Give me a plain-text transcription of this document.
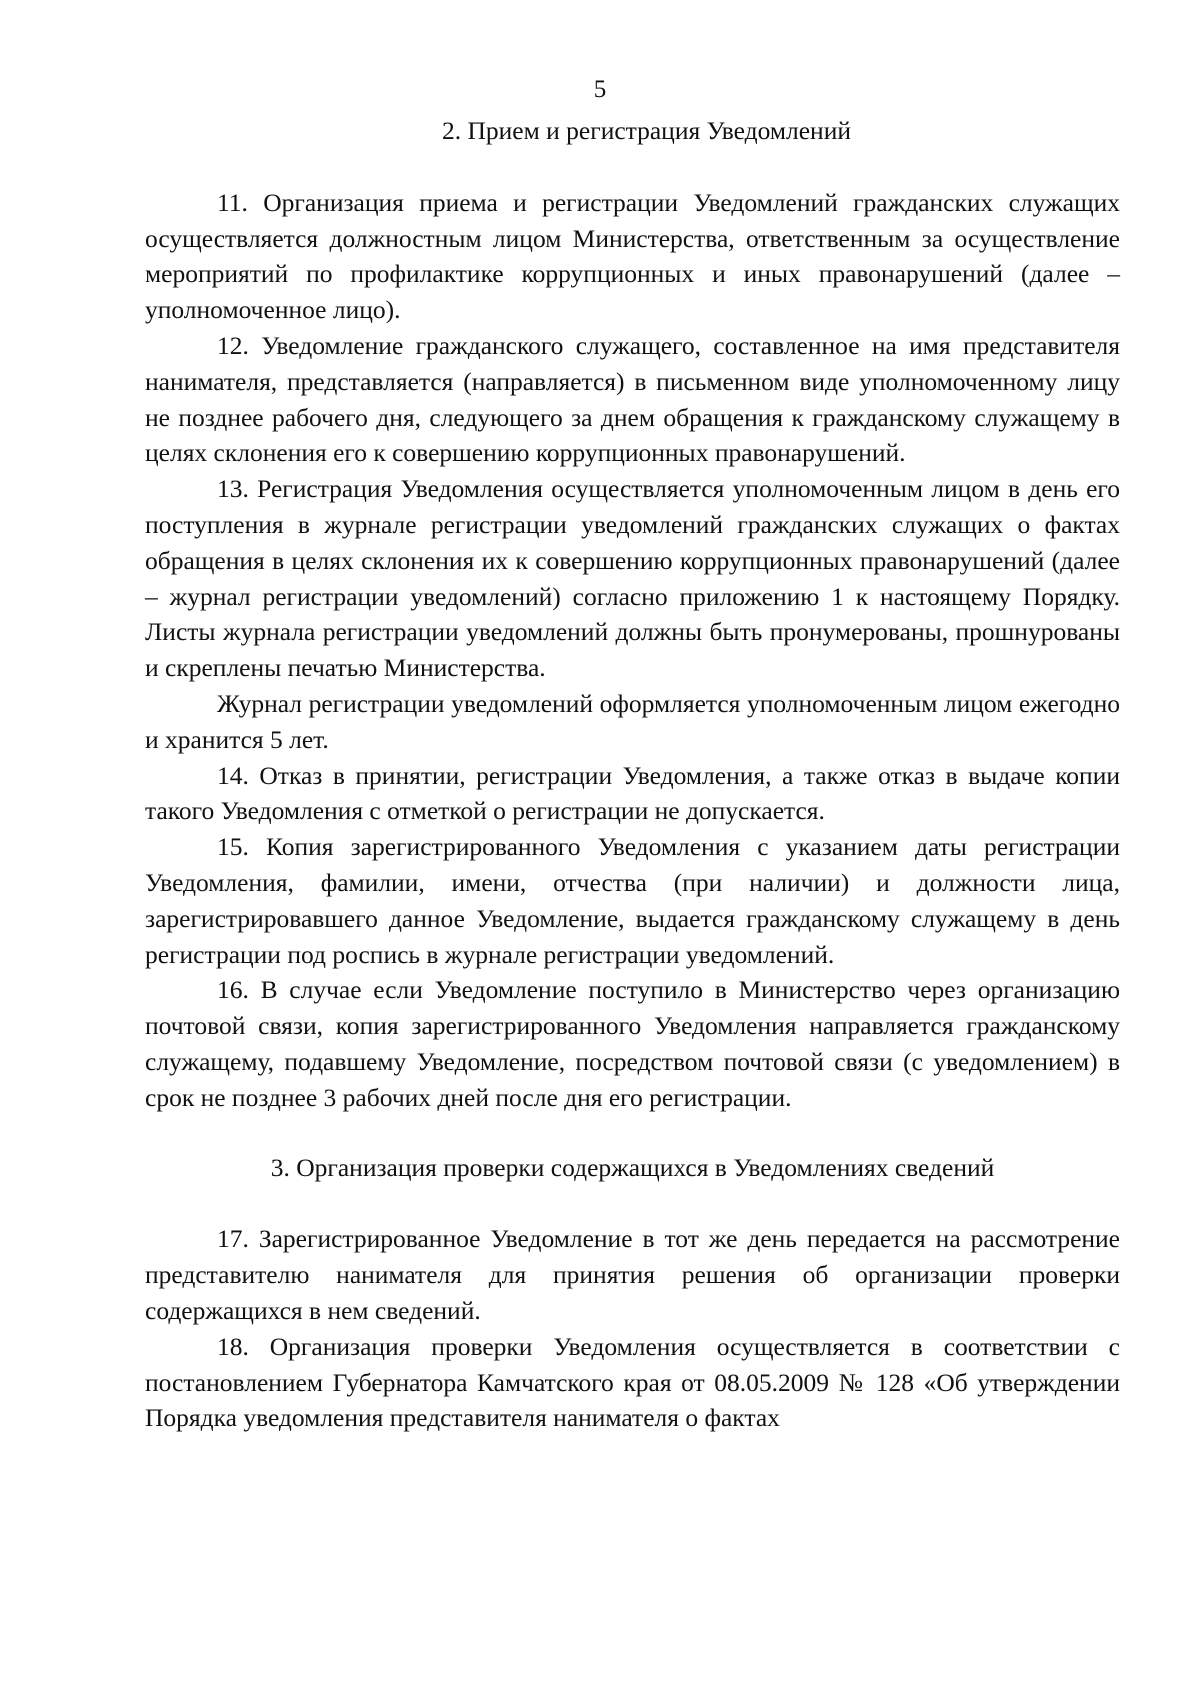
5
2. Прием и регистрация Уведомлений

11. Организация приема и регистрации Уведомлений гражданских служащих осуществляется должностным лицом Министерства, ответственным за осуществление мероприятий по профилактике коррупционных и иных правонарушений (далее – уполномоченное лицо).

12. Уведомление гражданского служащего, составленное на имя представителя нанимателя, представляется (направляется) в письменном виде уполномоченному лицу не позднее рабочего дня, следующего за днем обращения к гражданскому служащему в целях склонения его к совершению коррупционных правонарушений.

13. Регистрация Уведомления осуществляется уполномоченным лицом в день его поступления в журнале регистрации уведомлений гражданских служащих о фактах обращения в целях склонения их к совершению коррупционных правонарушений (далее – журнал регистрации уведомлений) согласно приложению 1 к настоящему Порядку. Листы журнала регистрации уведомлений должны быть пронумерованы, прошнурованы и скреплены печатью Министерства.

Журнал регистрации уведомлений оформляется уполномоченным лицом ежегодно и хранится 5 лет.

14. Отказ в принятии, регистрации Уведомления, а также отказ в выдаче копии такого Уведомления с отметкой о регистрации не допускается.

15. Копия зарегистрированного Уведомления с указанием даты регистрации Уведомления, фамилии, имени, отчества (при наличии) и должности лица, зарегистрировавшего данное Уведомление, выдается гражданскому служащему в день регистрации под роспись в журнале регистрации уведомлений.

16. В случае если Уведомление поступило в Министерство через организацию почтовой связи, копия зарегистрированного Уведомления направляется гражданскому служащему, подавшему Уведомление, посредством почтовой связи (с уведомлением) в срок не позднее 3 рабочих дней после дня его регистрации.

3. Организация проверки содержащихся в Уведомлениях сведений

17. Зарегистрированное Уведомление в тот же день передается на рассмотрение представителю нанимателя для принятия решения об организации проверки содержащихся в нем сведений.

18. Организация проверки Уведомления осуществляется в соответствии с постановлением Губернатора Камчатского края от 08.05.2009 № 128 «Об утверждении Порядка уведомления представителя нанимателя о фактах
